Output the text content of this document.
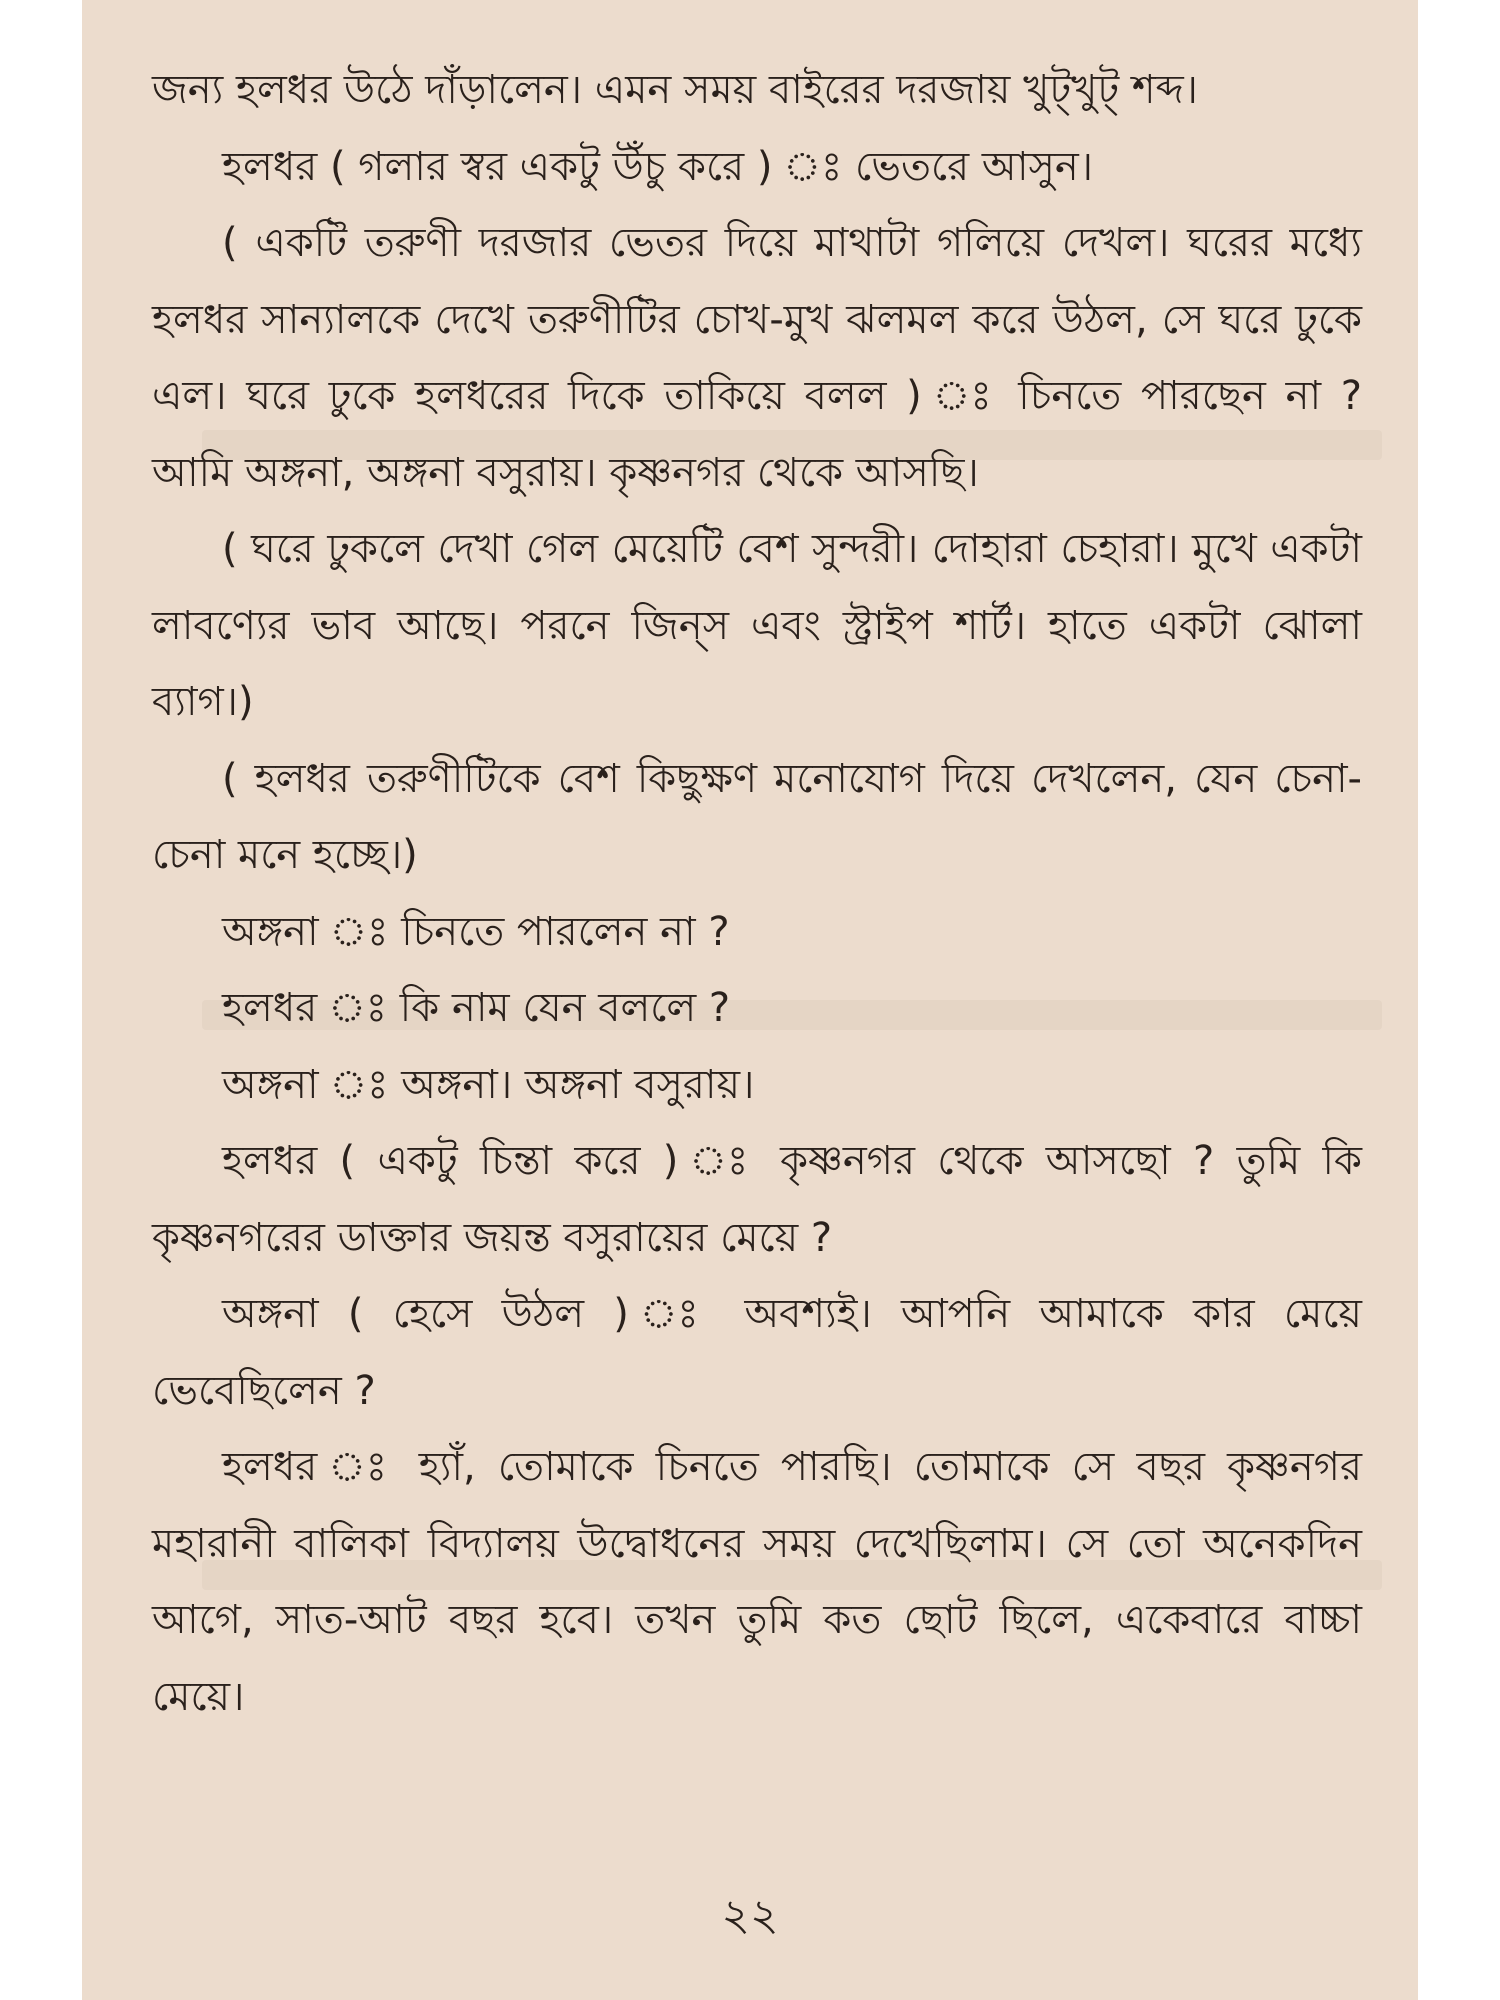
জন্য হলধর উঠে দাঁড়ালেন। এমন সময় বাইরের দরজায় খুট্‌খুট্‌ শব্দ।

হলধর ( গলার স্বর একটু উঁচু করে ) ঃ ভেতরে আসুন।

( একটি তরুণী দরজার ভেতর দিয়ে মাথাটা গলিয়ে দেখল। ঘরের মধ্যে হলধর সান্যালকে দেখে তরুণীটির চোখ-মুখ ঝলমল করে উঠল, সে ঘরে ঢুকে এল। ঘরে ঢুকে হলধরের দিকে তাকিয়ে বলল ) ঃ চিনতে পারছেন না ? আমি অঙ্গনা, অঙ্গনা বসুরায়। কৃষ্ণনগর থেকে আসছি।

( ঘরে ঢুকলে দেখা গেল মেয়েটি বেশ সুন্দরী। দোহারা চেহারা। মুখে একটা লাবণ্যের ভাব আছে। পরনে জিন্‌স এবং স্ট্রাইপ শার্ট। হাতে একটা ঝোলা ব্যাগ।)

( হলধর তরুণীটিকে বেশ কিছুক্ষণ মনোযোগ দিয়ে দেখলেন, যেন চেনা-চেনা মনে হচ্ছে।)

অঙ্গনা ঃ চিনতে পারলেন না ?

হলধর ঃ কি নাম যেন বললে ?

অঙ্গনা ঃ অঙ্গনা। অঙ্গনা বসুরায়।

হলধর ( একটু চিন্তা করে ) ঃ কৃষ্ণনগর থেকে আসছো ? তুমি কি কৃষ্ণনগরের ডাক্তার জয়ন্ত বসুরায়ের মেয়ে ?

অঙ্গনা ( হেসে উঠল ) ঃ অবশ্যই। আপনি আমাকে কার মেয়ে ভেবেছিলেন ?

হলধর ঃ হ্যাঁ, তোমাকে চিনতে পারছি। তোমাকে সে বছর কৃষ্ণনগর মহারানী বালিকা বিদ্যালয় উদ্বোধনের সময় দেখেছিলাম। সে তো অনেকদিন আগে, সাত-আট বছর হবে। তখন তুমি কত ছোট ছিলে, একেবারে বাচ্চা মেয়ে।

২২
